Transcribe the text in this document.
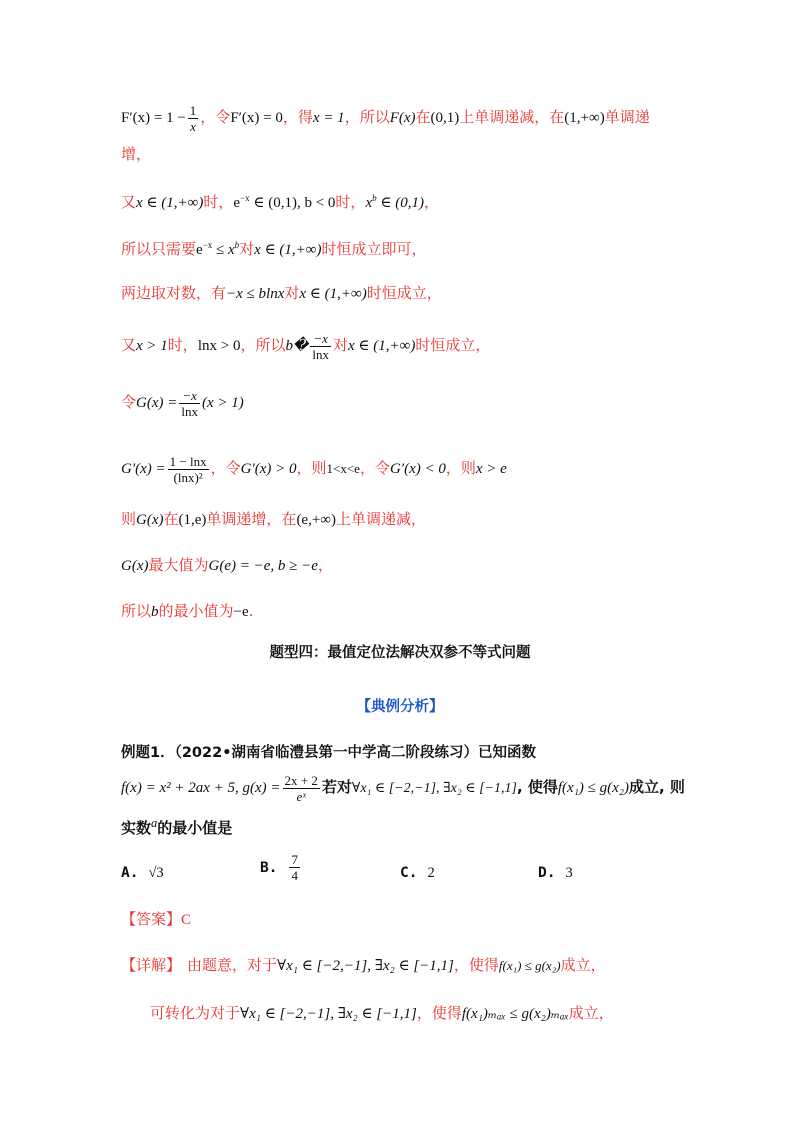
$F'(x) = 1 - \frac{1}{x}$ ，令F′(x) = 0，得x = 1，所以F(x)在(0,1)上单调递减，在(1,+∞)单调递
增，
又x ∈ (1,+∞)时，$e^{-x}$ ∈ (0,1), b < 0时，$x^b$ ∈ (0,1)，
所以只需要$e^{-x} \le x^b$对x ∈ (1,+∞)时恒成立即可，
两边取对数，有−x ≤ blnx对x ∈ (1,+∞)时恒成立，
又x > 1时，lnx > 0，所以b� $\frac{-x}{\ln x}$ 对x ∈ (1,+∞)时恒成立，
令$G(x) = \frac{-x}{\ln x} (x > 1)$
$G'(x) = \frac{1 - \ln x}{\text{(lnx)²}}$ ，令G′(x) > 0，则1<x<e，令G′(x) < 0，则x > e
则G(x)在(1,e)单调递增，在(e,+∞)上单调递减，
G(x)最大值为G(e) = −e, b ≥ −e，
所以b的最小值为−e.
题型四：最值定位法解决双参不等式问题
【典例分析】
例题1．（2022•湖南省临澧县第一中学高二阶段练习）已知函数
f(x) = x² + 2ax + 5, $g(x) = \frac{2x + 2}{\text{eˣ}}$ 若对∀x₁ ∈ [−2,−1], ∃x₂ ∈ [−1,1], 使得f(x₁) ≤ g(x₂)成立, 则
实数$^a$的最小值是
A. √3	B. $\frac{7}{4}$	C. 2	D. 3
【答案】C
【详解】 由题意，对于∀x₁ ∈ [−2,−1], ∃x₂ ∈ [−1,1]，使得f(x₁) ≤ g(x₂)成立，
可转化为对于∀x₁ ∈ [−2,−1], ∃x₂ ∈ [−1,1]，使得f(x₁)ₘₐₓ ≤ g(x₂)ₘₐₓ成立，
